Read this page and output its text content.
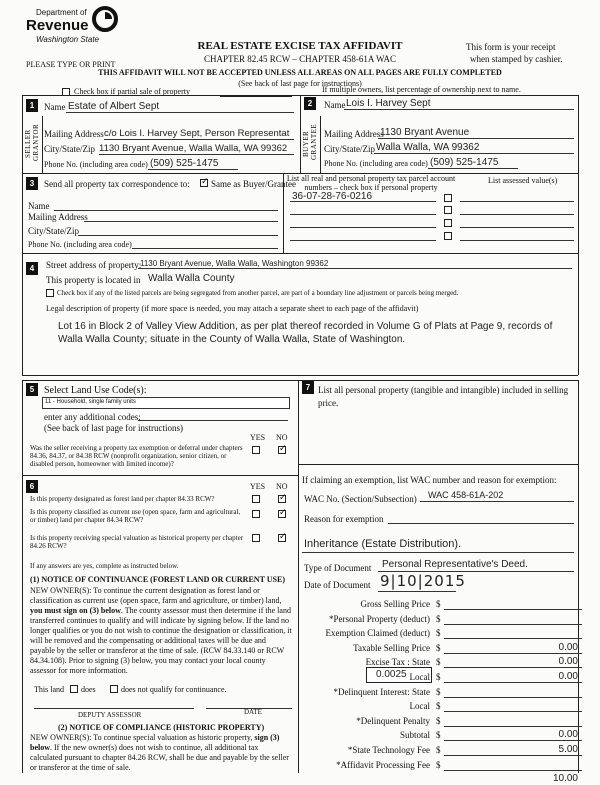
Department of
Revenue
Washington State
REAL ESTATE EXCISE TAX AFFIDAVIT
CHAPTER 82.45 RCW – CHAPTER 458-61A WAC
PLEASE TYPE OR PRINT
This form is your receipt
when stamped by cashier.
THIS AFFIDAVIT WILL NOT BE ACCEPTED UNLESS ALL AREAS ON ALL PAGES ARE FULLY COMPLETED
(See back of last page for instructions)
Check box if partial sale of property	If multiple owners, list percentage of ownership next to name.
1
SELLER GRANTOR
Name Estate of Albert Sept
Mailing Address c/o Lois I. Harvey Sept, Person Representat
City/State/Zip 1130 Bryant Avenue, Walla Walla, WA 99362
Phone No. (including area code) (509) 525-1475
2
BUYER GRANTEE
Name Lois I. Harvey Sept
Mailing Address
1130 Bryant Avenue
City/State/Zip Walla Walla, WA 99362
Phone No. (including area code) (509) 525-1475
3	Send all property tax correspondence to:
✓ Same as Buyer/Grantee
Name
Mailing Address
City/State/Zip
Phone No. (including area code)
List all real and personal property tax parcel account numbers – check box if personal property
List assessed value(s)
36-07-28-76-0216
4	Street address of property:
1130 Bryant Avenue, Walla Walla, Washington 99362
This property is located in Walla Walla County
Check box if any of the listed parcels are being segregated from another parcel, are part of a boundary line adjustment or parcels being merged.
Legal description of property (if more space is needed, you may attach a separate sheet to each page of the affidavit)
Lot 16 in Block 2 of Valley View Addition, as per plat thereof recorded in Volume G of Plats at Page 9, records of Walla Walla County; situate in the County of Walla Walla, State of Washington.
5 Select Land Use Code(s):
11 - Household, single family units
enter any additional codes:
(See back of last page for instructions)
YES NO
Was the seller receiving a property tax exemption or deferral under chapters 84.36, 84.37, or 84.38 RCW (nonprofit organization, senior citizen, or disabled person, homeowner with limited income)?
✓
6	YES NO
Is this property designated as forest land per chapter 84.33 RCW?
✓
Is this property classified as current use (open space, farm and agricultural, or timber) land per chapter 84.34 RCW?
✓
Is this property receiving special valuation as historical property per chapter 84.26 RCW?
✓
If any answers are yes, complete as instructed below.
(1) NOTICE OF CONTINUANCE (FOREST LAND OR CURRENT USE)
NEW OWNER(S): To continue the current designation as forest land or classification as current use (open space, farm and agriculture, or timber) land, you must sign on (3) below. The county assessor must then determine if the land transferred continues to qualify and will indicate by signing below. If the land no longer qualifies or you do not wish to continue the designation or classification, it will be removed and the compensating or additional taxes will be due and payable by the seller or transferor at the time of sale. (RCW 84.33.140 or RCW 84.34.108). Prior to signing (3) below, you may contact your local county assessor for more information.
This land does	does not qualify for continuance.
DEPUTY ASSESSOR	DATE
(2) NOTICE OF COMPLIANCE (HISTORIC PROPERTY)
NEW OWNER(S): To continue special valuation as historic property, sign (3) below. If the new owner(s) does not wish to continue, all additional tax calculated pursuant to chapter 84.26 RCW, shall be due and payable by the seller or transferor at the time of sale.
7 List all personal property (tangible and intangible) included in selling price.
If claiming an exemption, list WAC number and reason for exemption:
WAC No. (Section/Subsection) WAC 458-61A-202
Reason for exemption
Inheritance (Estate Distribution).
Type of Document Personal Representative's Deed.
Date of Document 9|10|2015
0.0025
Gross Selling Price $
*Personal Property (deduct) $
Exemption Claimed (deduct) $
Taxable Selling Price $	0.00
Excise Tax : State $	0.00
Local $	0.00
*Delinquent Interest: State $
Local $
*Delinquent Penalty $
Subtotal $	0.00
*State Technology Fee $	5.00
*Affidavit Processing Fee $
10.00
